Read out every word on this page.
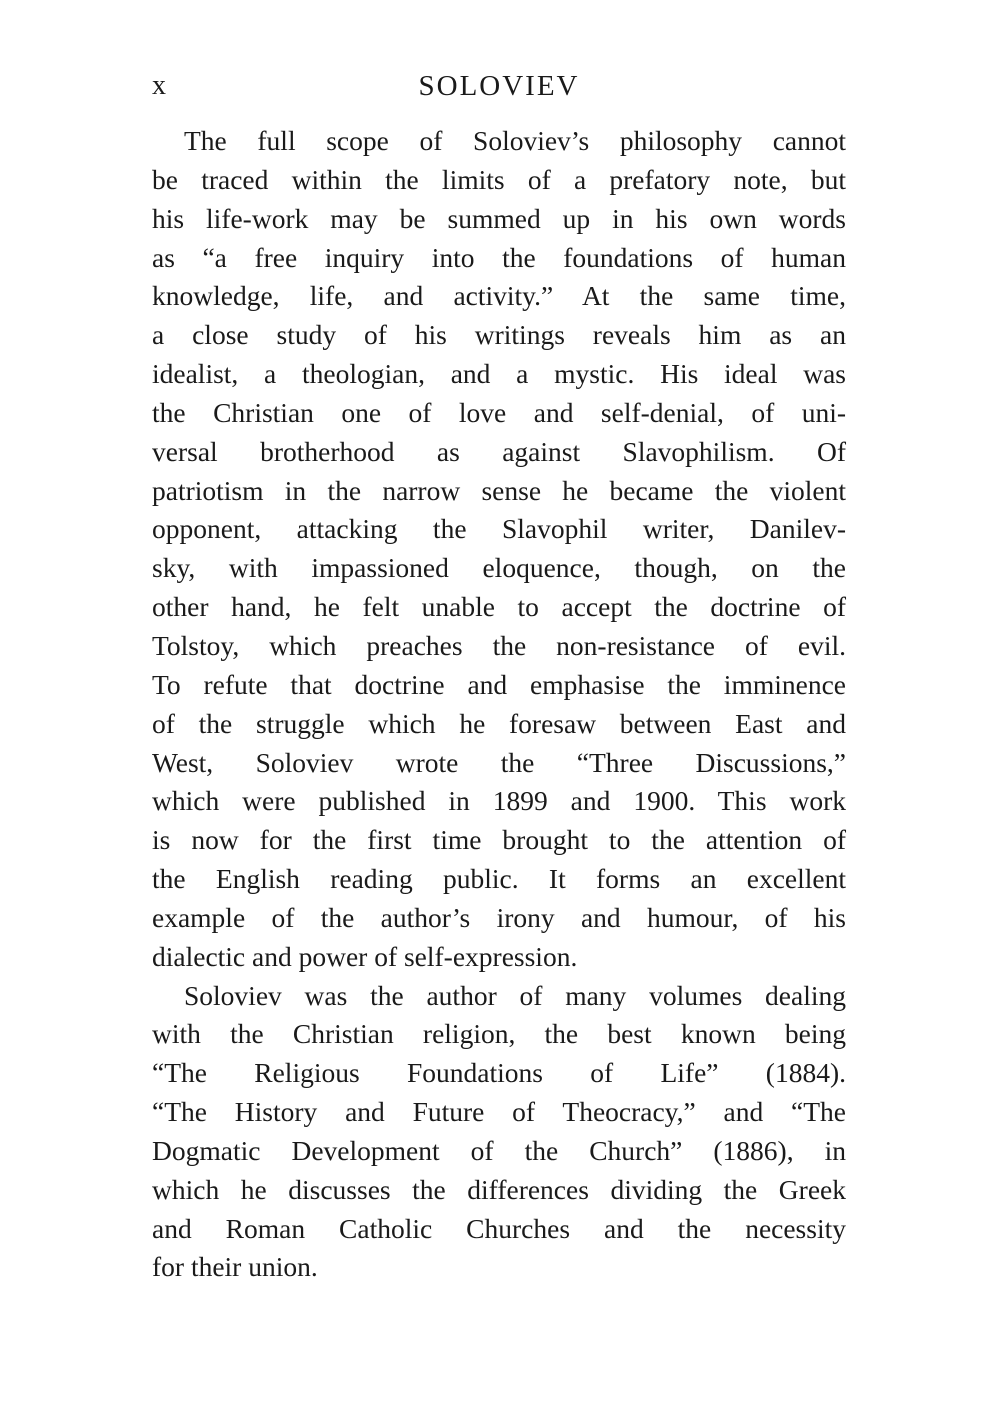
x	SOLOVIEV
The full scope of Soloviev’s philosophy cannot
be traced within the limits of a prefatory note, but
his life-work may be summed up in his own words
as “a free inquiry into the foundations of human
knowledge, life, and activity.” At the same time,
a close study of his writings reveals him as an
idealist, a theologian, and a mystic. His ideal was
the Christian one of love and self-denial, of uni-
versal brotherhood as against Slavophilism. Of
patriotism in the narrow sense he became the violent
opponent, attacking the Slavophil writer, Danilev-
sky, with impassioned eloquence, though, on the
other hand, he felt unable to accept the doctrine of
Tolstoy, which preaches the non-resistance of evil.
To refute that doctrine and emphasise the imminence
of the struggle which he foresaw between East and
West, Soloviev wrote the “Three Discussions,”
which were published in 1899 and 1900. This work
is now for the first time brought to the attention of
the English reading public. It forms an excellent
example of the author’s irony and humour, of his
dialectic and power of self-expression.
Soloviev was the author of many volumes dealing
with the Christian religion, the best known being
“The Religious Foundations of Life” (1884).
“The History and Future of Theocracy,” and “The
Dogmatic Development of the Church” (1886), in
which he discusses the differences dividing the Greek
and Roman Catholic Churches and the necessity
for their union.
